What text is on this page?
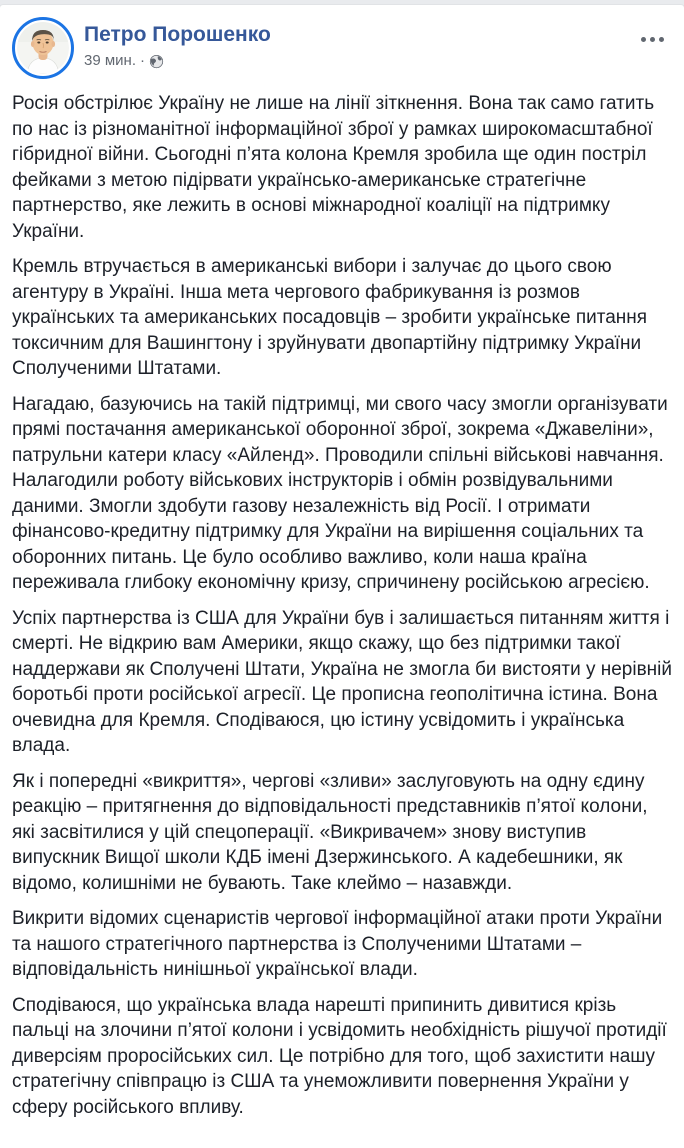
Петро Порошенко
39 мин. ·

Росія обстрілює Україну не лише на лінії зіткнення. Вона так само гатить по нас із різноманітної інформаційної зброї у рамках широкомасштабної гібридної війни. Сьогодні п’ята колона Кремля зробила ще один постріл фейками з метою підірвати українсько-американське стратегічне партнерство, яке лежить в основі міжнародної коаліції на підтримку України.

Кремль втручається в американські вибори і залучає до цього свою агентуру в Україні. Інша мета чергового фабрикування із розмов українських та американських посадовців – зробити українське питання токсичним для Вашингтону і зруйнувати двопартійну підтримку України Сполученими Штатами.

Нагадаю, базуючись на такій підтримці, ми свого часу змогли організувати прямі постачання американської оборонної зброї, зокрема «Джавеліни», патрульни катери класу «Айленд». Проводили спільні військові навчання. Налагодили роботу військових інструкторів і обмін розвідувальними даними. Змогли здобути газову незалежність від Росії. І отримати фінансово-кредитну підтримку для України на вирішення соціальних та оборонних питань. Це було особливо важливо, коли наша країна переживала глибоку економічну кризу, спричинену російською агресією.

Успіх партнерства із США для України був і залишається питанням життя і смерті. Не відкрию вам Америки, якщо скажу, що без підтримки такої наддержави як Сполучені Штати, Україна не змогла би вистояти у нерівній боротьбі проти російської агресії. Це прописна геополітична істина. Вона очевидна для Кремля. Сподіваюся, цю істину усвідомить і українська влада.

Як і попередні «викриття», чергові «зливи» заслуговують на одну єдину реакцію – притягнення до відповідальності представників п’ятої колони, які засвітилися у цій спецоперації. «Викривачем» знову виступив випускник Вищої школи КДБ імені Дзержинського. А кадебешники, як відомо, колишніми не бувають. Таке клеймо – назавжди.

Викрити відомих сценаристів чергової інформаційної атаки проти України та нашого стратегічного партнерства із Сполученими Штатами – відповідальність нинішньої української влади.

Сподіваюся, що українська влада нарешті припинить дивитися крізь пальці на злочини п’ятої колони і усвідомить необхідність рішучої протидії диверсіям проросійських сил. Це потрібно для того, щоб захистити нашу стратегічну співпрацю із США та унеможливити повернення України у сферу російського впливу.
